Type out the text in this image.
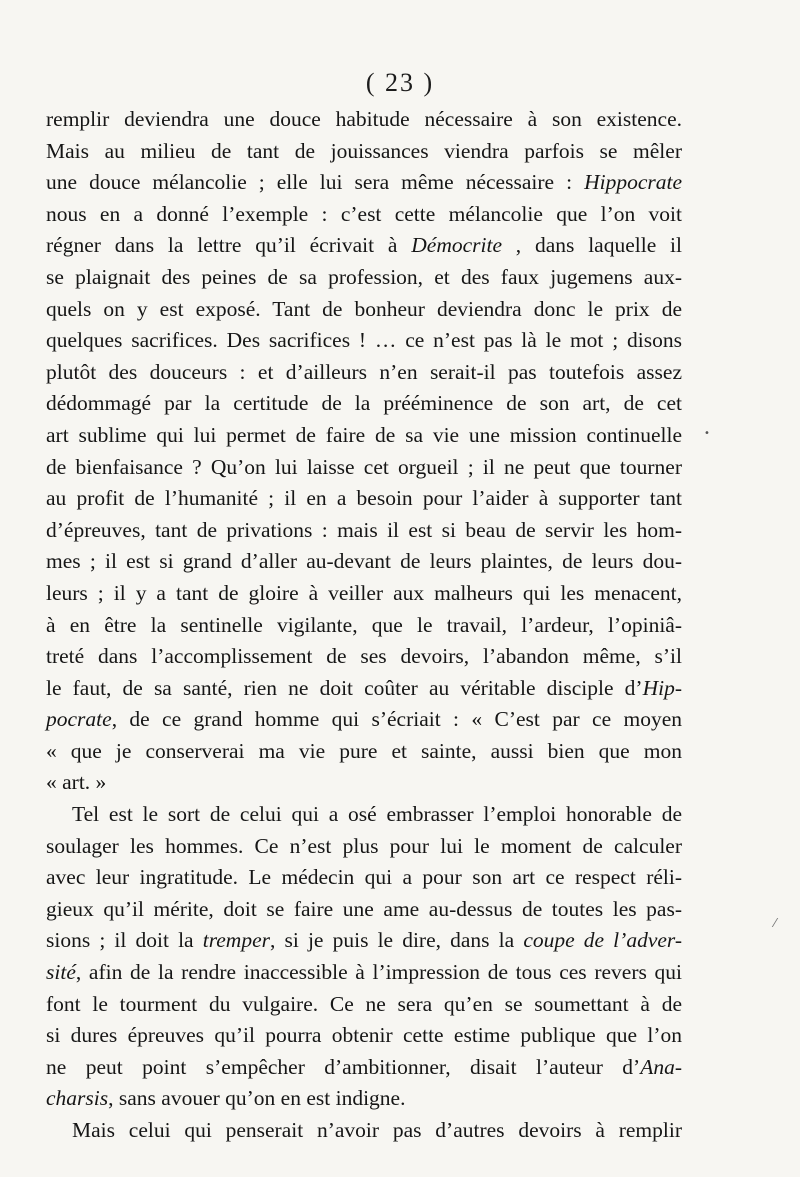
( 23 )
remplir deviendra une douce habitude nécessaire à son existence.
Mais au milieu de tant de jouissances viendra parfois se mêler
une douce mélancolie ; elle lui sera même nécessaire : Hippocrate
nous en a donné l’exemple : c’est cette mélancolie que l’on voit
régner dans la lettre qu’il écrivait à Démocrite , dans laquelle il
se plaignait des peines de sa profession, et des faux jugemens aux-
quels on y est exposé. Tant de bonheur deviendra donc le prix de
quelques sacrifices. Des sacrifices ! … ce n’est pas là le mot ; disons
plutôt des douceurs : et d’ailleurs n’en serait-il pas toutefois assez
dédommagé par la certitude de la prééminence de son art, de cet
art sublime qui lui permet de faire de sa vie une mission continuelle
de bienfaisance ? Qu’on lui laisse cet orgueil ; il ne peut que tourner
au profit de l’humanité ; il en a besoin pour l’aider à supporter tant
d’épreuves, tant de privations : mais il est si beau de servir les hom-
mes ; il est si grand d’aller au-devant de leurs plaintes, de leurs dou-
leurs ; il y a tant de gloire à veiller aux malheurs qui les menacent,
à en être la sentinelle vigilante, que le travail, l’ardeur, l’opiniâ-
treté dans l’accomplissement de ses devoirs, l’abandon même, s’il
le faut, de sa santé, rien ne doit coûter au véritable disciple d’Hip-
pocrate, de ce grand homme qui s’écriait : « C’est par ce moyen
« que je conserverai ma vie pure et sainte, aussi bien que mon
« art. »
Tel est le sort de celui qui a osé embrasser l’emploi honorable de
soulager les hommes. Ce n’est plus pour lui le moment de calculer
avec leur ingratitude. Le médecin qui a pour son art ce respect réli-
gieux qu’il mérite, doit se faire une ame au-dessus de toutes les pas-
sions ; il doit la tremper, si je puis le dire, dans la coupe de l’adver-
sité, afin de la rendre inaccessible à l’impression de tous ces revers qui
font le tourment du vulgaire. Ce ne sera qu’en se soumettant à de
si dures épreuves qu’il pourra obtenir cette estime publique que l’on
ne peut point s’empêcher d’ambitionner, disait l’auteur d’Ana-
charsis, sans avouer qu’on en est indigne.
Mais celui qui penserait n’avoir pas d’autres devoirs à remplir
•
⁄
